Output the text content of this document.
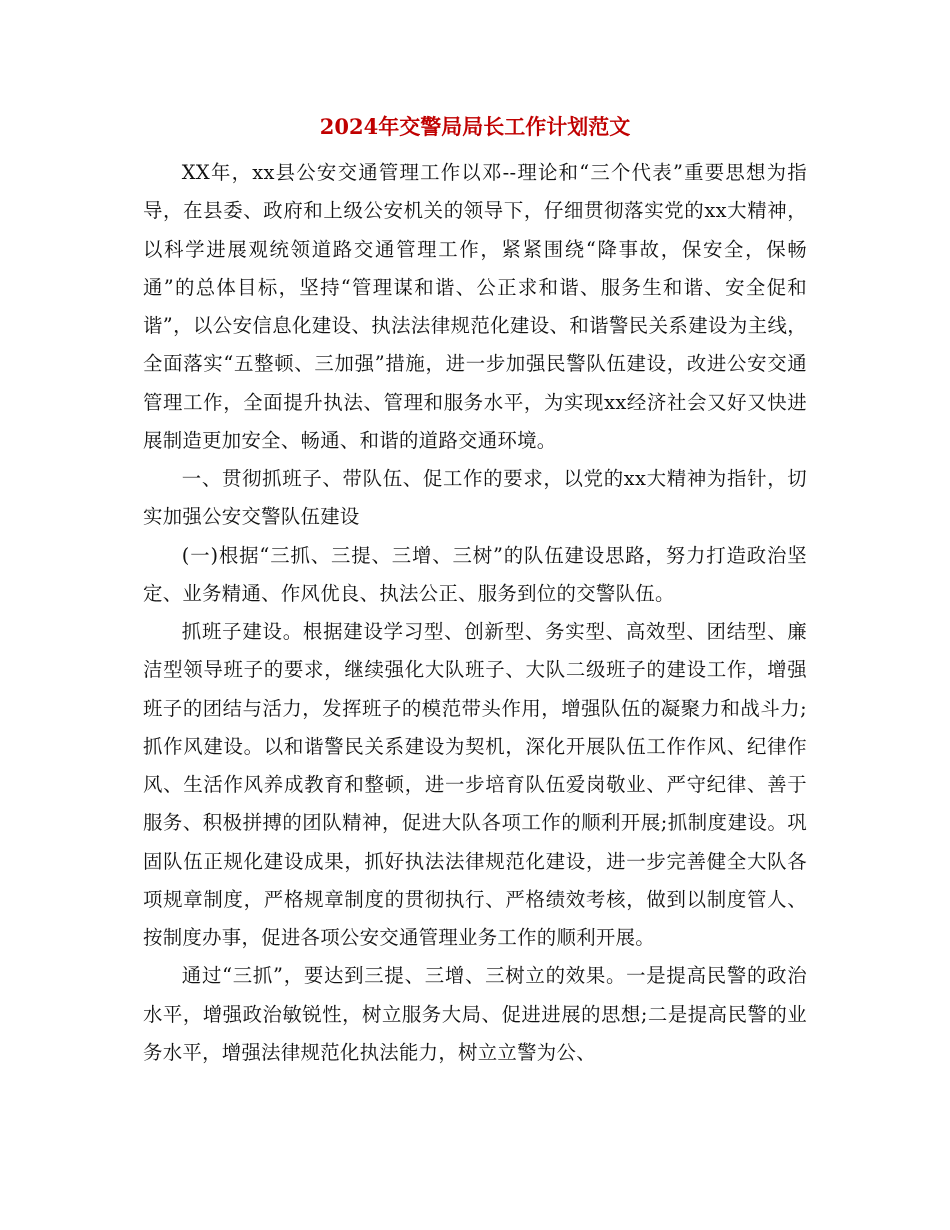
2024年交警局局长工作计划范文

XX年，xx县公安交通管理工作以邓--理论和“三个代表”重要思想为指导，在县委、政府和上级公安机关的领导下，仔细贯彻落实党的xx大精神，以科学进展观统领道路交通管理工作，紧紧围绕“降事故，保安全，保畅通”的总体目标，坚持“管理谋和谐、公正求和谐、服务生和谐、安全促和谐”，以公安信息化建设、执法法律规范化建设、和谐警民关系建设为主线，全面落实“五整顿、三加强”措施，进一步加强民警队伍建设，改进公安交通管理工作，全面提升执法、管理和服务水平，为实现xx经济社会又好又快进展制造更加安全、畅通、和谐的道路交通环境。

一、贯彻抓班子、带队伍、促工作的要求，以党的xx大精神为指针，切实加强公安交警队伍建设

(一)根据“三抓、三提、三增、三树”的队伍建设思路，努力打造政治坚定、业务精通、作风优良、执法公正、服务到位的交警队伍。

抓班子建设。根据建设学习型、创新型、务实型、高效型、团结型、廉洁型领导班子的要求，继续强化大队班子、大队二级班子的建设工作，增强班子的团结与活力，发挥班子的模范带头作用，增强队伍的凝聚力和战斗力;抓作风建设。以和谐警民关系建设为契机，深化开展队伍工作作风、纪律作风、生活作风养成教育和整顿，进一步培育队伍爱岗敬业、严守纪律、善于服务、积极拼搏的团队精神，促进大队各项工作的顺利开展;抓制度建设。巩固队伍正规化建设成果，抓好执法法律规范化建设，进一步完善健全大队各项规章制度，严格规章制度的贯彻执行、严格绩效考核，做到以制度管人、按制度办事，促进各项公安交通管理业务工作的顺利开展。

通过“三抓”，要达到三提、三增、三树立的效果。一是提高民警的政治水平，增强政治敏锐性，树立服务大局、促进进展的思想;二是提高民警的业务水平，增强法律规范化执法能力，树立立警为公、
